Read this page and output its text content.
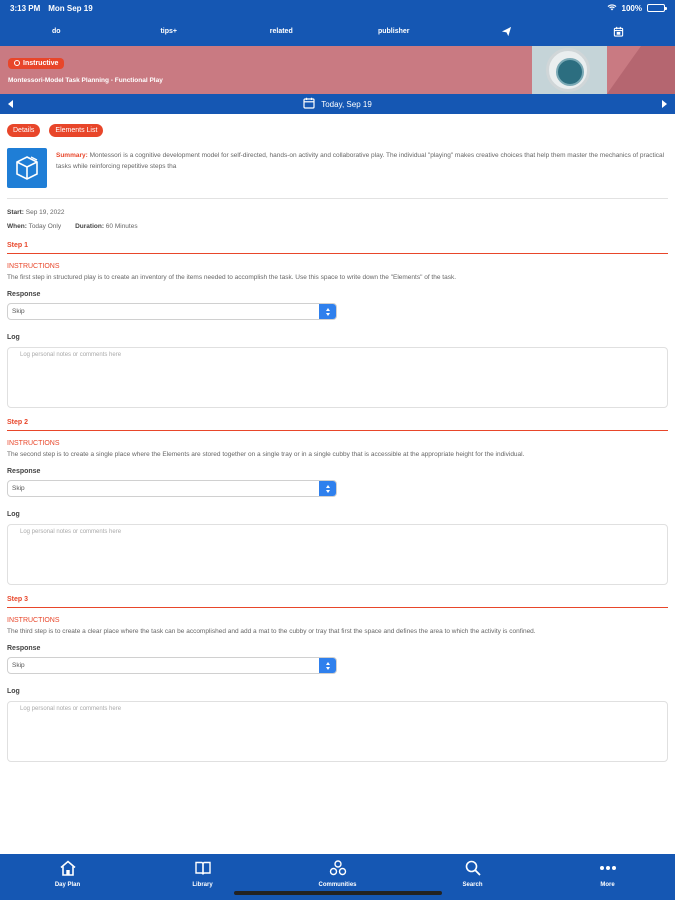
3:13 PM Mon Sep 19	100%
do	tips+	related	publisher
Instructive
Montessori-Model Task Planning - Functional Play
Today, Sep 19
Details	Elements List
Summary: Montessori is a cognitive development model for self-directed, hands-on activity and collaborative play. The individual "playing" makes creative choices that help them master the mechanics of practical tasks while reinforcing repetitive steps tha
Start: Sep 19, 2022
When: Today Only Duration: 60 Minutes
Step 1
INSTRUCTIONS
The first step in structured play is to create an inventory of the items needed to accomplish the task. Use this space to write down the "Elements" of the task.
Response
Skip
Log
Log personal notes or comments here
Step 2
INSTRUCTIONS
The second step is to create a single place where the Elements are stored together on a single tray or in a single cubby that is accessible at the appropriate height for the individual.
Response
Skip
Log
Log personal notes or comments here
Step 3
INSTRUCTIONS
The third step is to create a clear place where the task can be accomplished and add a mat to the cubby or tray that first the space and defines the area to which the activity is confined.
Response
Skip
Log
Log personal notes or comments here
Day Plan	Library	Communities	Search	More
